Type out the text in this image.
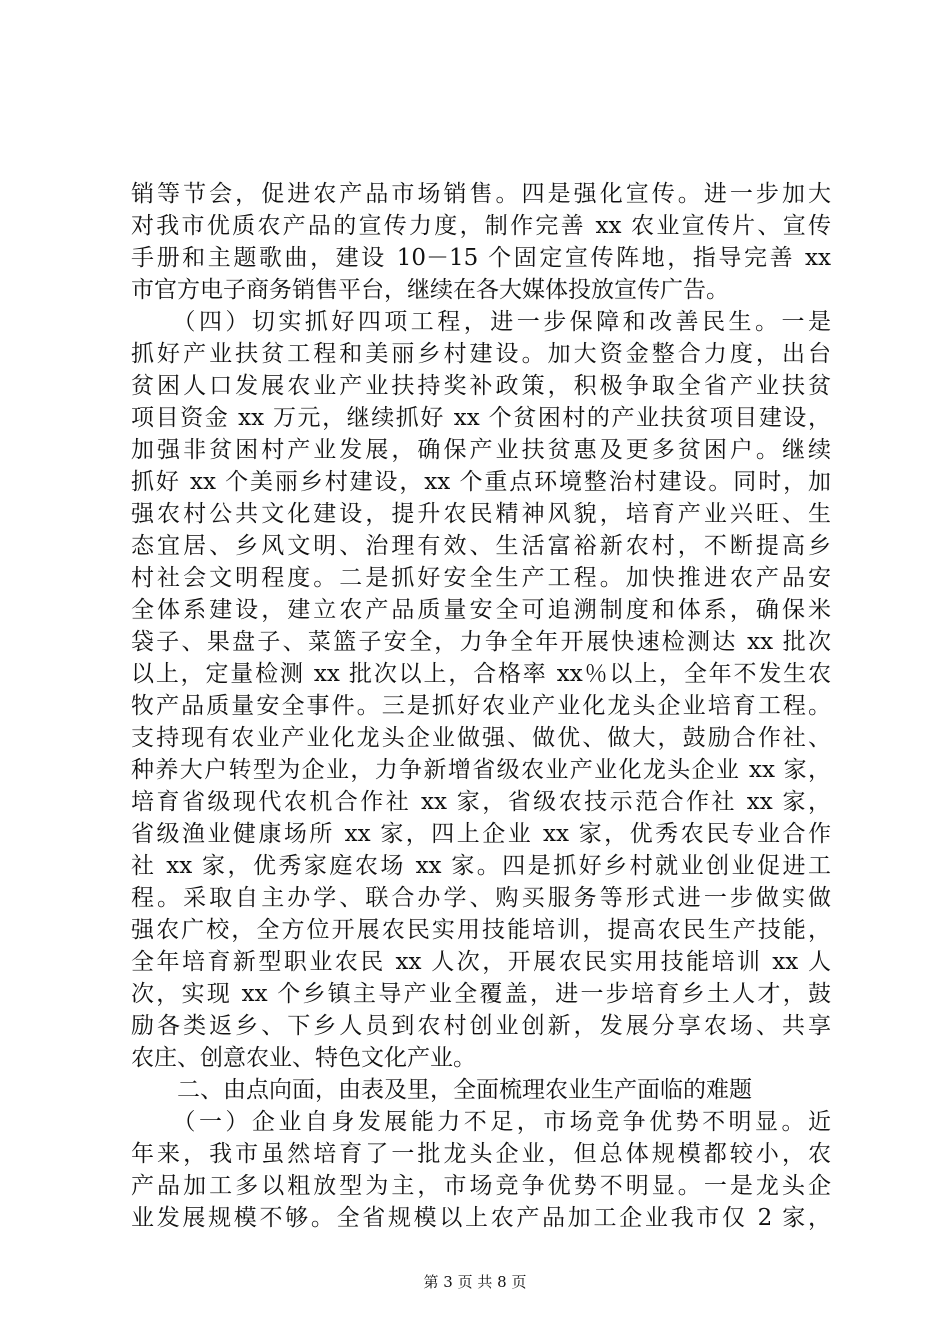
销等节会，促进农产品市场销售。四是强化宣传。进一步加大
对我市优质农产品的宣传力度，制作完善 xx 农业宣传片、宣传
手册和主题歌曲，建设 10－15 个固定宣传阵地，指导完善 xx
市官方电子商务销售平台，继续在各大媒体投放宣传广告。
　　（四）切实抓好四项工程，进一步保障和改善民生。一是
抓好产业扶贫工程和美丽乡村建设。加大资金整合力度，出台
贫困人口发展农业产业扶持奖补政策，积极争取全省产业扶贫
项目资金 xx 万元，继续抓好 xx 个贫困村的产业扶贫项目建设，
加强非贫困村产业发展，确保产业扶贫惠及更多贫困户。继续
抓好 xx 个美丽乡村建设，xx 个重点环境整治村建设。同时，加
强农村公共文化建设，提升农民精神风貌，培育产业兴旺、生
态宜居、乡风文明、治理有效、生活富裕新农村，不断提高乡
村社会文明程度。二是抓好安全生产工程。加快推进农产品安
全体系建设，建立农产品质量安全可追溯制度和体系，确保米
袋子、果盘子、菜篮子安全，力争全年开展快速检测达 xx 批次
以上，定量检测 xx 批次以上，合格率 xx％以上，全年不发生农
牧产品质量安全事件。三是抓好农业产业化龙头企业培育工程。
支持现有农业产业化龙头企业做强、做优、做大，鼓励合作社、
种养大户转型为企业，力争新增省级农业产业化龙头企业 xx 家，
培育省级现代农机合作社 xx 家，省级农技示范合作社 xx 家，
省级渔业健康场所 xx 家，四上企业 xx 家，优秀农民专业合作
社 xx 家，优秀家庭农场 xx 家。四是抓好乡村就业创业促进工
程。采取自主办学、联合办学、购买服务等形式进一步做实做
强农广校，全方位开展农民实用技能培训，提高农民生产技能，
全年培育新型职业农民 xx 人次，开展农民实用技能培训 xx 人
次，实现 xx 个乡镇主导产业全覆盖，进一步培育乡土人才，鼓
励各类返乡、下乡人员到农村创业创新，发展分享农场、共享
农庄、创意农业、特色文化产业。
　　二、由点向面，由表及里，全面梳理农业生产面临的难题
　　（一）企业自身发展能力不足，市场竞争优势不明显。近
年来，我市虽然培育了一批龙头企业，但总体规模都较小，农
产品加工多以粗放型为主，市场竞争优势不明显。一是龙头企
业发展规模不够。全省规模以上农产品加工企业我市仅 2 家，
第 3 页 共 8 页
